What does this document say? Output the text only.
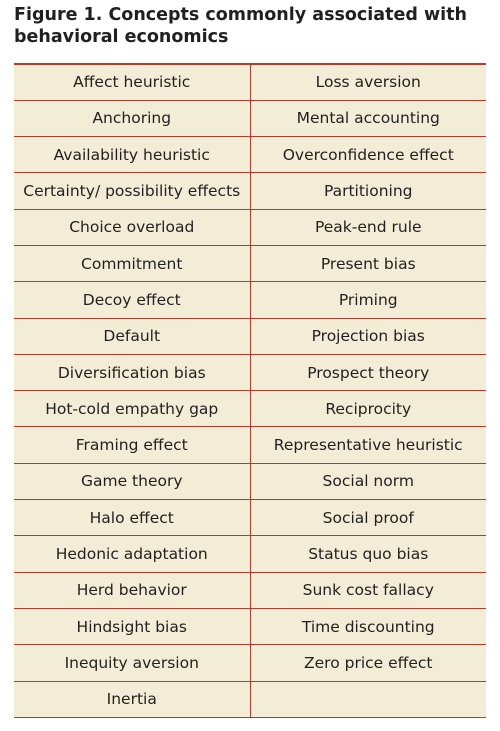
Figure 1. Concepts commonly associated with behavioral economics
Affect heuristic	Loss aversion
Anchoring	Mental accounting
Availability heuristic	Overconfidence effect
Certainty/ possibility effects	Partitioning
Choice overload	Peak-end rule
Commitment	Present bias
Decoy effect	Priming
Default	Projection bias
Diversification bias	Prospect theory
Hot-cold empathy gap	Reciprocity
Framing effect	Representative heuristic
Game theory	Social norm
Halo effect	Social proof
Hedonic adaptation	Status quo bias
Herd behavior	Sunk cost fallacy
Hindsight bias	Time discounting
Inequity aversion	Zero price effect
Inertia	
